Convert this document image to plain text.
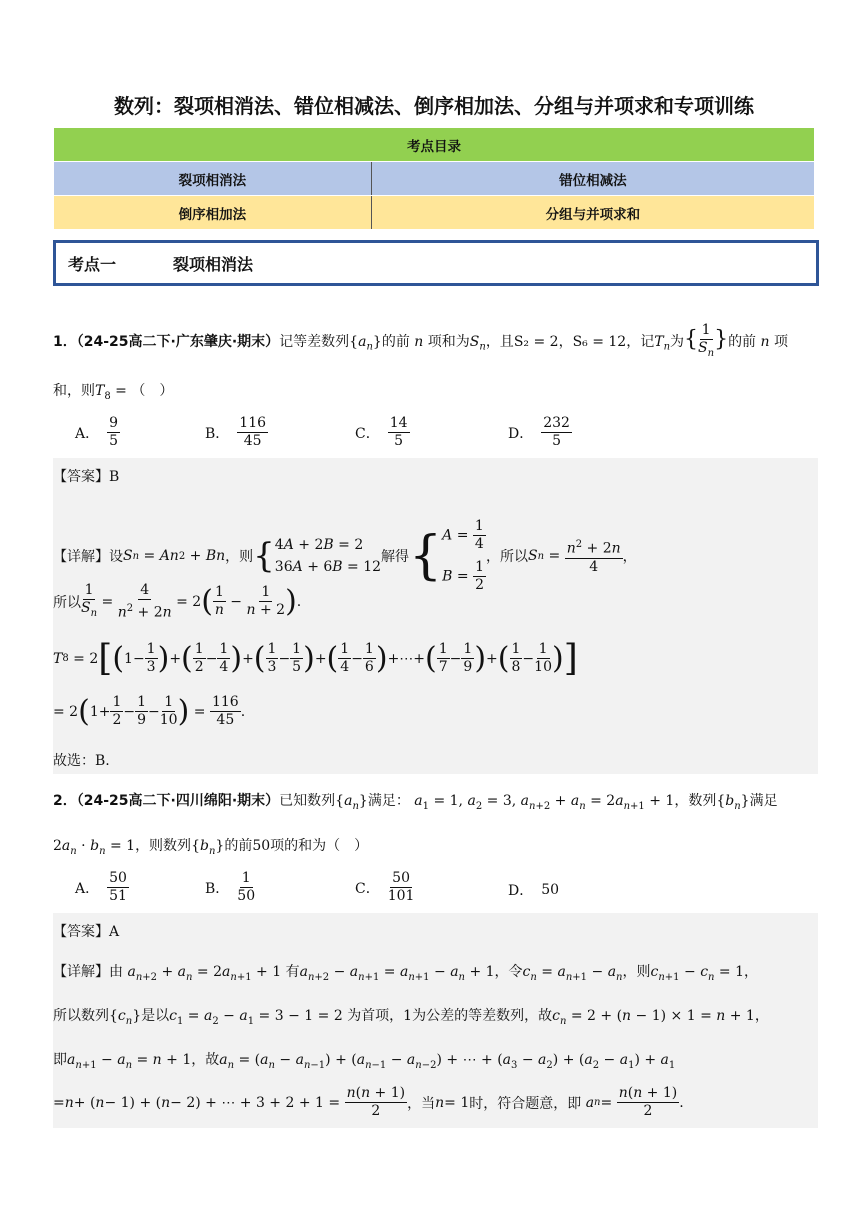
数列：裂项相消法、错位相减法、倒序相加法、分组与并项求和专项训练
考点目录	
裂项相消法	错位相减法
倒序相加法	分组与并项求和
考点一	裂项相消法
1．（24-25高二下·广东肇庆·期末）记等差数列$\{a_n\}$的前 n 项和为$S_n$，且S₂ = 2，S₆ = 12，记$T_n$为{ $\frac{1}{S_n}$ }的前 n 项
和，则$T_8$ = （　）
A． $\frac{9}{5}$	B． $\frac{116}{45}$	C． $\frac{14}{5}$	D． $\frac{232}{5}$
【答案】B
【详解】设 S n = An 2 + Bn ，则 { 4A + 2B = 2
36A + 6B = 12
解得 { $A = \frac{1}{4}$
$B = \frac{1}{2}$
，所以 S $n = \frac{n^2 + 2n}{4}$ ，
所以 $\frac{1}{S_n} = \frac{4}{n^2 + 2n} = 2$ ( $\frac{1}{n} - \frac{1}{n + 2}$ ) .
T 8 = 2 [ ( $1- \frac{1}{3}$ ) + ( $\frac{1}{2} - \frac{1}{4}$ ) + ( $\frac{1}{3} - \frac{1}{5}$ ) + ( $\frac{1}{4} - \frac{1}{6}$ ) +⋯+ ( $\frac{1}{7} - \frac{1}{9}$ ) + ( $\frac{1}{8} - \frac{1}{10}$ ) ]
= 2 ( $1+ \frac{1}{2} - \frac{1}{9} - \frac{1}{10}$ ) = $\frac{116}{45}$ .
故选：B.
2．（24-25高二下·四川绵阳·期末）已知数列$\{a_n\}$满足： $a_1 = 1$, $a_2 = 3$, $a_{n+2} + a_n = 2a_{n+1} + 1$，数列$\{b_n\}$满足
$2a_n \cdot b_n = 1$，则数列$\{b_n\}$的前50项的和为（　）
A． $\frac{50}{51}$	B． $\frac{1}{50}$	C． $\frac{50}{101}$	D． 50
【答案】A
【详解】由 $a_{n+2} + a_n = 2a_{n+1} + 1$ 有$a_{n+2} - a_{n+1} = a_{n+1} - a_n + 1$，令$c_n = a_{n+1} - a_n$，则$c_{n+1} - c_n = 1$，
所以数列$\{c_n\}$是以$c_1 = a_2 - a_1 = 3 - 1 = 2$ 为首项，1为公差的等差数列，故$c_n = 2 + (n - 1) \times 1 = n + 1$，
即$a_{n+1} - a_n = n + 1$，故$a_n = (a_n - a_{n-1}) + (a_{n-1} - a_{n-2})$ + ⋯ + $(a_3 - a_2) + (a_2 - a_1) + a_1$
= n + ( n − 1) + ( n − 2) + ⋯ + $3 + 2 + 1 = \frac{n(n + 1)}{2}$ ，当 n = 1 时，符合题意，即
a $n = \frac{n(n + 1)}{2}$ .
